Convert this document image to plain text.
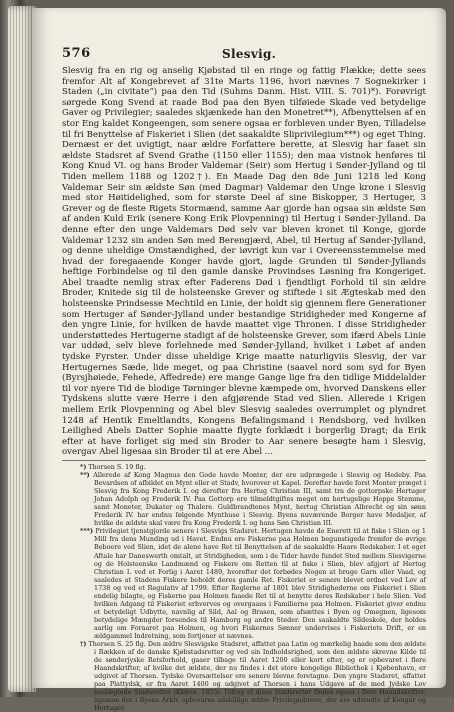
576	Slesvig.

Slesvig fra en rig og anselig Kjøbstad til en ringe og fattig Flække; dette sees fremfor Alt af Kongebrevet af 31te Marts 1196, hvori nævnes 7 Sognekirker i Staden („in civitate“) paa den Tid (Suhms Danm. Hist. VIII. S. 701)*). Forøvrigt sørgede Kong Svend at raade Bod paa den Byen tilføiede Skade ved betydelige Gaver og Privilegier; saaledes skjænkede han den Monetret**), Afbenyttelsen af en stor Eng kaldet Kongeengen, som senere ogsaa er forbleven under Byen, Tilladelse til fri Benyttelse af Fiskeriet i Slien (det saakaldte Sliprivilegium***) og eget Thing. Dernæst er det uvigtigt, naar ældre Forfattere berette, at Slesvig har faaet sin ældste Stadsret af Svend Grathe (1150 eller 1155); den maa vistnok henføres til Kong Knud VI. og hans Broder Valdemar (Seir) som Hertug i Sønder-Jylland og til Tiden mellem 1188 og 1202†). En Maade Dag den 8de Juni 1218 led Kong Valdemar Seir sin ældste Søn (med Dagmar) Valdemar den Unge krone i Slesvig med stor Høitidelighed, som for største Deel af sine Biskopper, 3 Hertuger, 3 Grever og de fleste Rigets Stormænd, samme Aar gjorde han ogsaa sin ældste Søn af anden Kuld Erik (senere Kong Erik Plovpenning) til Hertug i Sønder-Jylland. Da denne efter den unge Valdemars Død selv var bleven kronet til Konge, gjorde Valdemar 1232 sin anden Søn med Berengjærd, Abel, til Hertug af Sønder-Jylland, og denne uheldige Omstændighed, der iøvrigt kun var i Overeensstemmelse med hvad der foregaaende Konger havde gjort, lagde Grunden til Sønder-Jyllands heftige Forbindelse og til den gamle danske Provindses Løsning fra Kongeriget. Abel traadte nemlig strax efter Faderens Død i fjendtligt Forhold til sin ældre Broder, Knitede sig til de holsteenske Grever og stiftede i sit Ægteskab med den holsteenske Prindsesse Mechtild en Linie, der holdt sig gjennem flere Generationer som Hertuger af Sønder-Jylland under bestandige Stridigheder med Kongerne af den yngre Linie, for hvilken de havde maattet vige Thronen. I disse Stridigheder understøttedes Hertugerne stadigt af de holsteenske Grever, som ifærd Abels Linie var uddød, selv bleve forlehnede med Sønder-Jylland, hvilket i Løbet af anden tydske Fyrster. Under disse uheldige Krige maatte naturligviis Slesvig, der var Hertugernes Sæde, lide meget, og paa Christine (saavel nord som syd for Byen (Byrsjhøiede, Fehede, Affedrede) ere mange Gange lige fra den tidlige Middelalder til vor nyere Tid de blodige Tørninger blevne kæmpede om, hvorved Danskens eller Tydskens slutte være Herre i den afgjørende Stad ved Slien. Allerede i Krigen mellem Erik Plovpenning og Abel blev Slesvig saaledes overrumplet og plyndret 1248 af Hentik Emeltlandts, Kongens Befalingsmand i Rendsborg, ved hvilken Leilighed Abels Datter Sophie maatte flygte forklædt i borgerlig Dragt; da Erik efter at have forliget sig med sin Broder to Aar senere besøgte ham i Slesvig, overgav Abel ligesaa sin Broder til at ere Abel ...

*) Thorsen S. 19 flg.

**) Allerede af Kong Magnus den Gode havde Monter, der ere udprægede i Slesvig og Hedeby. Paa Bevardsen of afbildet en Mynt eller et Stadv, hvorover et Kapel. Derefter havde forst Monter præget i Slesvig fra Kong Frederik I. og derefter fra Hertug Christian III, samt tra de gottorpske Hertuger Johan Adolph og Frederik IV. Paa Gottorp ere tilmeldtgiftes meget om hertugelige Hoppe Stemme, samt Moneter, Dukater og Thalere. Guldbrandtenes Mynt, hertug Christian Albrecht og sin sønn Frederik IV. har endnu følgende Mynthuse i Slesvig. Byens nuværende Borger have Medaljer, af hvilke de ældste skal være fra Kong Frederik I. og hans Søn Christian III.

***) Privilegiet tjenstgjorde senere i Slesvigs Stadsret. Hertugen havde de Enerett til at fiske i Slien og 1 Mill fra dens Munding ud i Havet. Endnu ere Fiskerne paa Holmen begunstigede fremfor de øvrige Beboere ved Slien, idet de alene have Ret til Benyttelsen af de saakaldte Haare Redskaber. I et eget Aftale har Daneswerth omtalt, at Stridigheden, som i de Tider havde fundet Sted mellem Slesvigerne og de Holsteenske Landmænd og Fiskere om Retten til at fiske i Slien, blev afgjort af Hertug Christian I. ved et Forlig i Aaret 1489, hvorefter det forbødes Nogen at bruge Garn eller Vaad, og saaledes at Stadens Fiskere beholdt deres gamle Ret. Fiskeriet er senere blevet ordnet ved Lov af 1738 og ved et Regulativ af 1799. Efter Reglerne af 1801 blev Stridighederne om Fiskeriet i Slien endelig bilagte, og Fiskerne paa Holmen faaede Ret til at benytte deres Redskaber i hele Slien. Ved hvilken Adgang til Fiskeriet erhverves og overgaaes i Familierne paa Holmen. Fiskeriet giver endnu et betydeligt Udbytte, navnlig af Sild, Aal og Brasen, som afsættes i Byen og Omegnen, ligesom betydelige Mængder forsendes til Hamborg og andre Steder. Den saakaldte Sildeskole, der holdes aarlig om Foraaret paa Holmen, og hvori Fiskernes Sønner undervises i Fiskeriets Drift, er en ældgammel Indretning, som fortjener at nævnes.

†) Thorsen S. 25 flg. Den ældre Slesvigske Stadsret, affattet paa Latin og mærkelig baade som den ældste i Rækken af de danske Kjøbstadsretter og ved sin Indholdsrighed, som den ældste skrevne Kilde til de sønderjyske Retsforhold, gaaer tilbage til Aaret 1200 eller kort efter, og er opbevaret i flere Haandskrifter, af hvilke det ældste, der nu findes i det store kongelige Bibliothek i Kjøbenhavn, er udgivet af Thorsen. Tydske Oversættelser ere senere blevne foretagne. Den yngre Stadsret, affattet paa Plattydsk, er fra Aaret 1400 og udgivet af Thorsen i hans Udgave af de med Jydske Lov beslægtede Stadsretter (Kbhvn. 1855). Udtog af disse Stadsretter findes ogsaa i flere Haandskrifter, ligesom der i Byens Arkiv opbevares adskillige ældre Privilegiebreve, der ere udstedte af Konger og Hertuger.
